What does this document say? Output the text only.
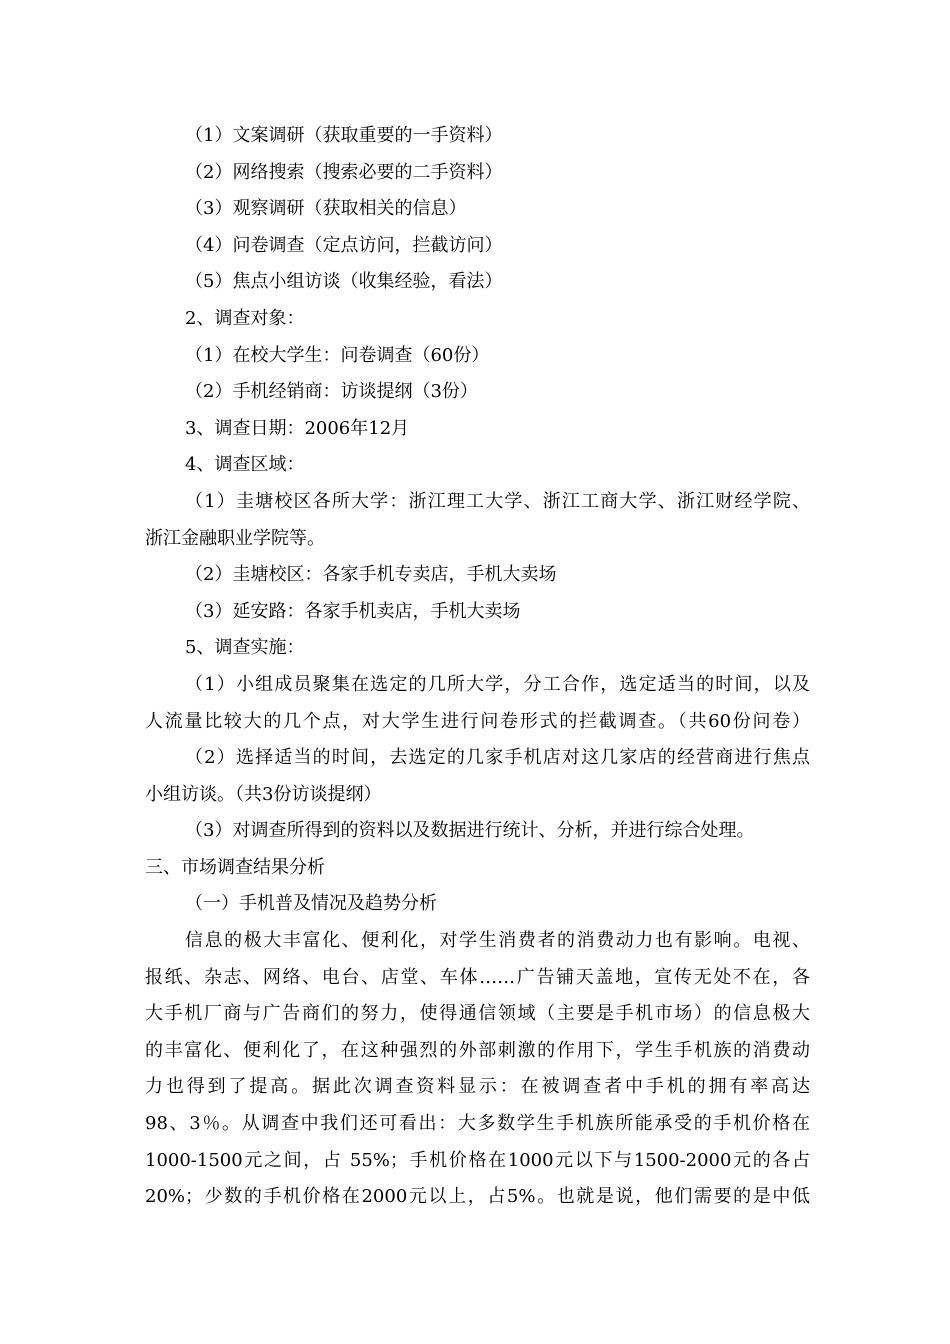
（1）文案调研（获取重要的一手资料）
（2）网络搜索（搜索必要的二手资料）
（3）观察调研（获取相关的信息）
（4）问卷调查（定点访问，拦截访问）
（5）焦点小组访谈（收集经验，看法）
2、调查对象：
（1）在校大学生：问卷调查（60份）
（2）手机经销商：访谈提纲（3份）
3、调查日期：2006年12月
4、调查区域：
（1）圭塘校区各所大学：浙江理工大学、浙江工商大学、浙江财经学院、
浙江金融职业学院等。
（2）圭塘校区：各家手机专卖店，手机大卖场
（3）延安路：各家手机卖店，手机大卖场
5、调查实施：
（1）小组成员聚集在选定的几所大学，分工合作，选定适当的时间，以及
人流量比较大的几个点，对大学生进行问卷形式的拦截调查。（共60份问卷）
（2）选择适当的时间，去选定的几家手机店对这几家店的经营商进行焦点
小组访谈。（共3份访谈提纲）
（3）对调查所得到的资料以及数据进行统计、分析，并进行综合处理。
三、市场调查结果分析
（一）手机普及情况及趋势分析
信息的极大丰富化、便利化，对学生消费者的消费动力也有影响。电视、
报纸、杂志、网络、电台、店堂、车体……广告铺天盖地，宣传无处不在，各
大手机厂商与广告商们的努力，使得通信领域（主要是手机市场）的信息极大
的丰富化、便利化了，在这种强烈的外部刺激的作用下，学生手机族的消费动
力也得到了提高。据此次调查资料显示：在被调查者中手机的拥有率高达
98、3％。从调查中我们还可看出：大多数学生手机族所能承受的手机价格在
1000-1500元之间，占 55%；手机价格在1000元以下与1500-2000元的各占
20%；少数的手机价格在2000元以上，占5%。也就是说，他们需要的是中低
